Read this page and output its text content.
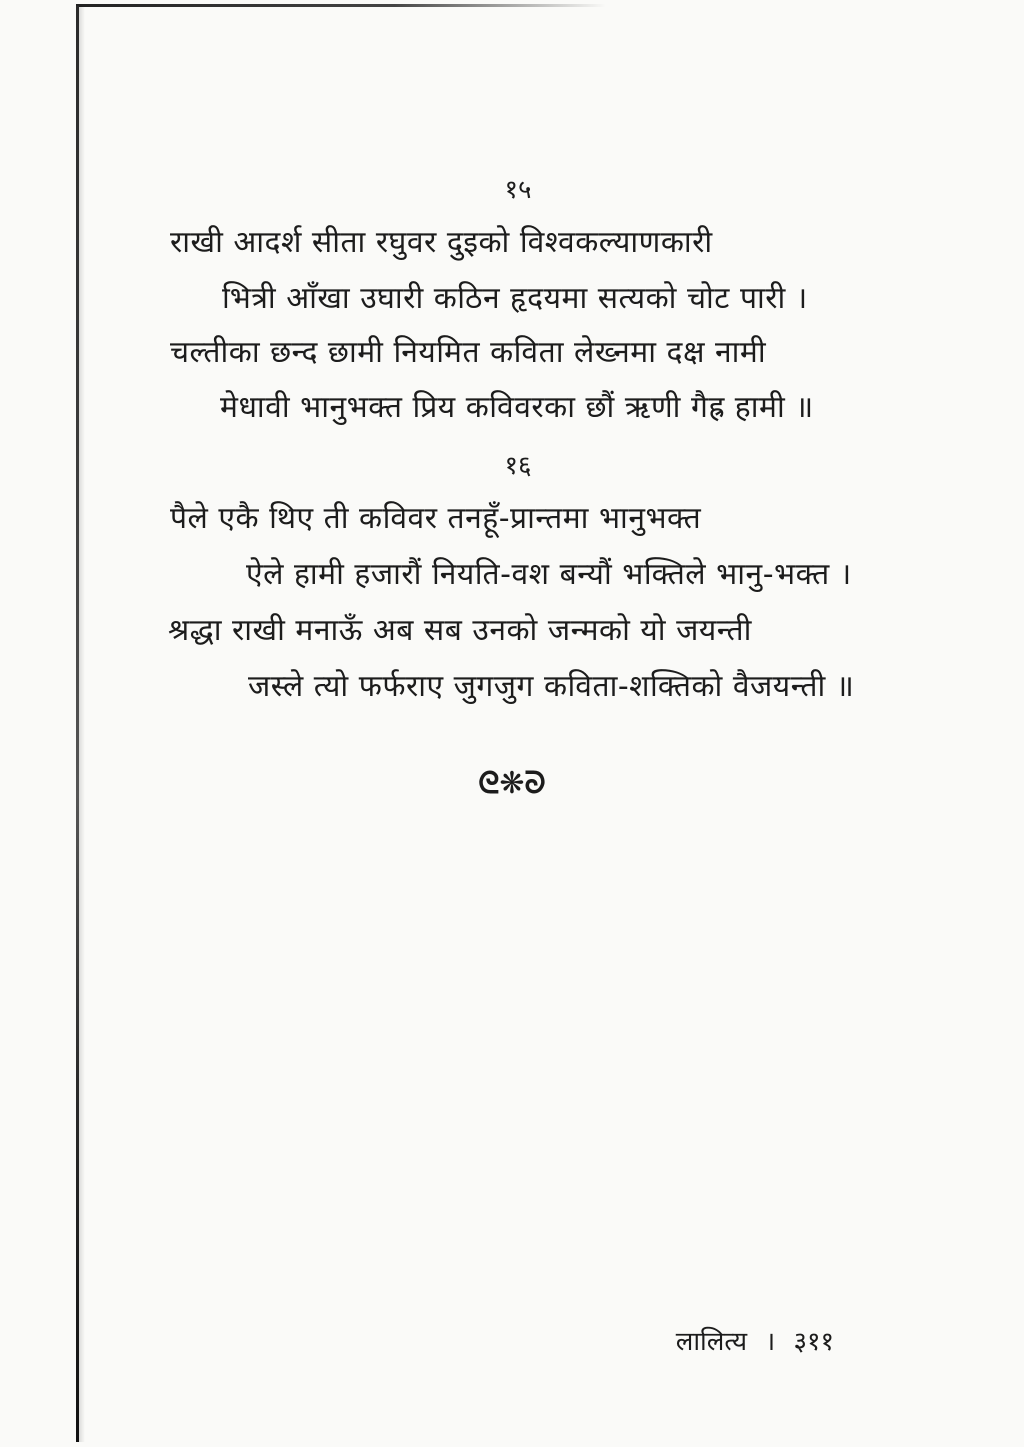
१५
राखी आदर्श सीता रघुवर दुइको विश्वकल्याणकारी
भित्री आँखा उघारी कठिन हृदयमा सत्यको चोट पारी ।
चल्तीका छन्द छामी नियमित कविता लेख्नमा दक्ष नामी
मेधावी भानुभक्त प्रिय कविवरका छौं ऋणी गैह्र हामी ॥
१६
पैले एकै थिए ती कविवर तनहूँ-प्रान्तमा भानुभक्त
ऐले हामी हजारौं नियति-वश बन्यौं भक्तिले भानु-भक्त ।
श्रद्धा राखी मनाऊँ अब सब उनको जन्मको यो जयन्ती
जस्ले त्यो फर्फराए जुगजुग कविता-शक्तिको वैजयन्ती ॥
ᘓ❋ᘐ
लालित्य । ३११
